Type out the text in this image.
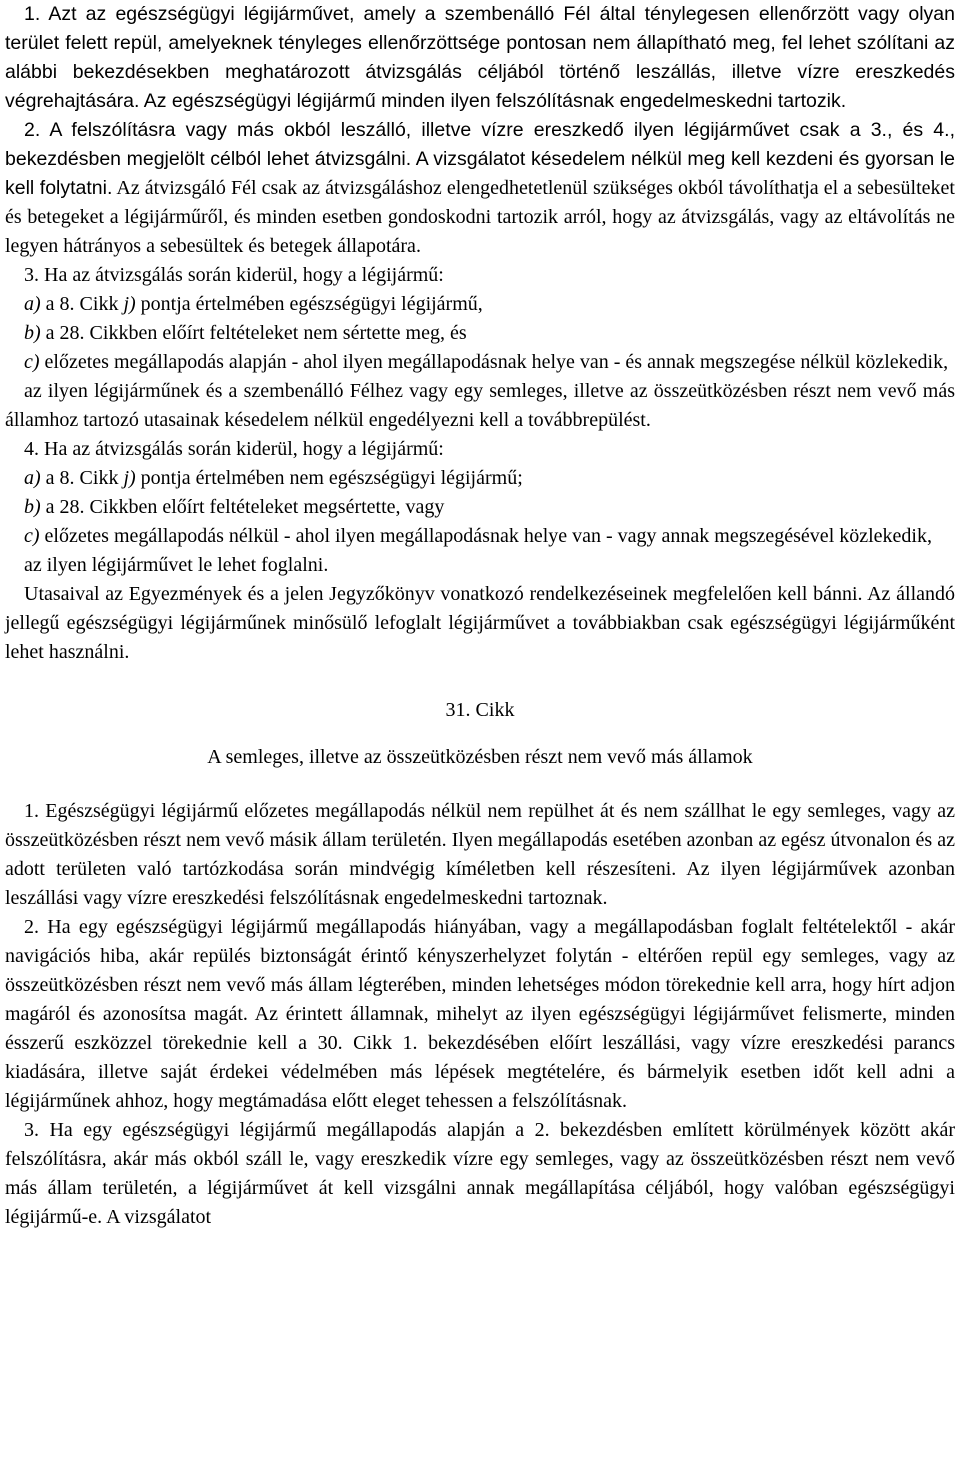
1. Azt az egészségügyi légijárművet, amely a szembenálló Fél által ténylegesen ellenőrzött vagy olyan terület felett repül, amelyeknek tényleges ellenőrzöttsége pontosan nem állapítható meg, fel lehet szólítani az alábbi bekezdésekben meghatározott átvizsgálás céljából történő leszállás, illetve vízre ereszkedés végrehajtására. Az egészségügyi légijármű minden ilyen felszólításnak engedelmeskedni tartozik.

2. A felszólításra vagy más okból leszálló, illetve vízre ereszkedő ilyen légijárművet csak a 3., és 4., bekezdésben megjelölt célból lehet átvizsgálni. A vizsgálatot késedelem nélkül meg kell kezdeni és gyorsan le kell folytatni. Az átvizsgáló Fél csak az átvizsgáláshoz elengedhetetlenül szükséges okból távolíthatja el a sebesülteket és betegeket a légijárműről, és minden esetben gondoskodni tartozik arról, hogy az átvizsgálás, vagy az eltávolítás ne legyen hátrányos a sebesültek és betegek állapotára.

3. Ha az átvizsgálás során kiderül, hogy a légijármű:

a) a 8. Cikk j) pontja értelmében egészségügyi légijármű,

b) a 28. Cikkben előírt feltételeket nem sértette meg, és

c) előzetes megállapodás alapján - ahol ilyen megállapodásnak helye van - és annak megszegése nélkül közlekedik,

az ilyen légijárműnek és a szembenálló Félhez vagy egy semleges, illetve az összeütközésben részt nem vevő más államhoz tartozó utasainak késedelem nélkül engedélyezni kell a továbbrepülést.

4. Ha az átvizsgálás során kiderül, hogy a légijármű:

a) a 8. Cikk j) pontja értelmében nem egészségügyi légijármű;

b) a 28. Cikkben előírt feltételeket megsértette, vagy

c) előzetes megállapodás nélkül - ahol ilyen megállapodásnak helye van - vagy annak megszegésével közlekedik,

az ilyen légijárművet le lehet foglalni.

Utasaival az Egyezmények és a jelen Jegyzőkönyv vonatkozó rendelkezéseinek megfelelően kell bánni. Az állandó jellegű egészségügyi légijárműnek minősülő lefoglalt légijárművet a továbbiakban csak egészségügyi légijárműként lehet használni.

31. Cikk

A semleges, illetve az összeütközésben részt nem vevő más államok

1. Egészségügyi légijármű előzetes megállapodás nélkül nem repülhet át és nem szállhat le egy semleges, vagy az összeütközésben részt nem vevő másik állam területén. Ilyen megállapodás esetében azonban az egész útvonalon és az adott területen való tartózkodása során mindvégig kíméletben kell részesíteni. Az ilyen légijárművek azonban leszállási vagy vízre ereszkedési felszólításnak engedelmeskedni tartoznak.

2. Ha egy egészségügyi légijármű megállapodás hiányában, vagy a megállapodásban foglalt feltételektől - akár navigációs hiba, akár repülés biztonságát érintő kényszerhelyzet folytán - eltérően repül egy semleges, vagy az összeütközésben részt nem vevő más állam légterében, minden lehetséges módon törekednie kell arra, hogy hírt adjon magáról és azonosítsa magát. Az érintett államnak, mihelyt az ilyen egészségügyi légijárművet felismerte, minden ésszerű eszközzel törekednie kell a 30. Cikk 1. bekezdésében előírt leszállási, vagy vízre ereszkedési parancs kiadására, illetve saját érdekei védelmében más lépések megtételére, és bármelyik esetben időt kell adni a légijárműnek ahhoz, hogy megtámadása előtt eleget tehessen a felszólításnak.

3. Ha egy egészségügyi légijármű megállapodás alapján a 2. bekezdésben említett körülmények között akár felszólításra, akár más okból száll le, vagy ereszkedik vízre egy semleges, vagy az összeütközésben részt nem vevő más állam területén, a légijárművet át kell vizsgálni annak megállapítása céljából, hogy valóban egészségügyi légijármű-e. A vizsgálatot
